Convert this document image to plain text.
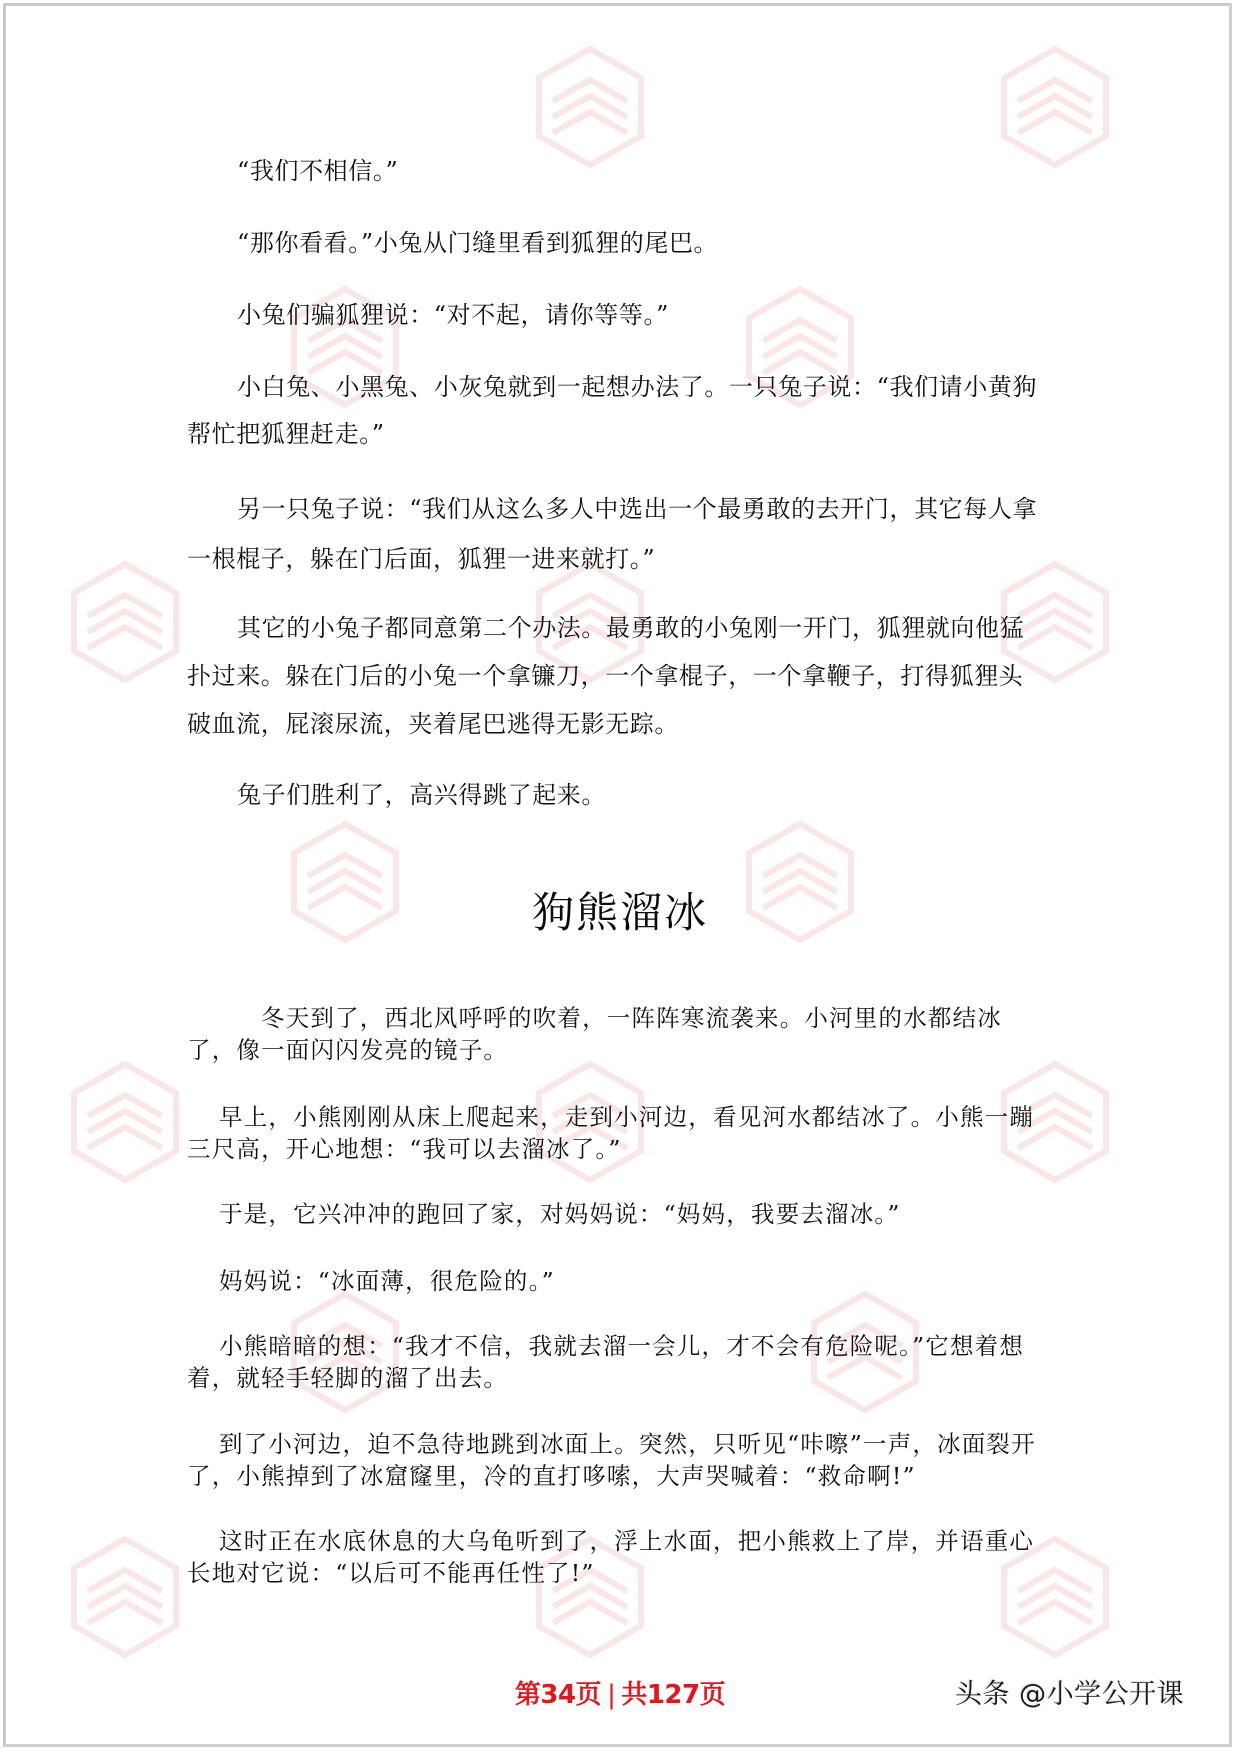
“我们不相信。”

“那你看看。”小兔从门缝里看到狐狸的尾巴。

小兔们骗狐狸说：“对不起，请你等等。”

小白兔、小黑兔、小灰兔就到一起想办法了。一只兔子说：“我们请小黄狗帮忙把狐狸赶走。”

另一只兔子说：“我们从这么多人中选出一个最勇敢的去开门，其它每人拿一根棍子，躲在门后面，狐狸一进来就打。”

其它的小兔子都同意第二个办法。最勇敢的小兔刚一开门，狐狸就向他猛扑过来。躲在门后的小兔一个拿镰刀，一个拿棍子，一个拿鞭子，打得狐狸头破血流，屁滚尿流，夹着尾巴逃得无影无踪。

兔子们胜利了，高兴得跳了起来。

狗熊溜冰

冬天到了，西北风呼呼的吹着，一阵阵寒流袭来。小河里的水都结冰了，像一面闪闪发亮的镜子。

早上，小熊刚刚从床上爬起来，走到小河边，看见河水都结冰了。小熊一蹦三尺高，开心地想：“我可以去溜冰了。”

于是，它兴冲冲的跑回了家，对妈妈说：“妈妈，我要去溜冰。”

妈妈说：“冰面薄，很危险的。”

小熊暗暗的想：“我才不信，我就去溜一会儿，才不会有危险呢。”它想着想着，就轻手轻脚的溜了出去。

到了小河边，迫不急待地跳到冰面上。突然，只听见“咔嚓”一声，冰面裂开了，小熊掉到了冰窟窿里，冷的直打哆嗦，大声哭喊着：“救命啊!”

这时正在水底休息的大乌龟听到了，浮上水面，把小熊救上了岸，并语重心长地对它说：“以后可不能再任性了!”

第34页 | 共127页	头条 @小学公开课
